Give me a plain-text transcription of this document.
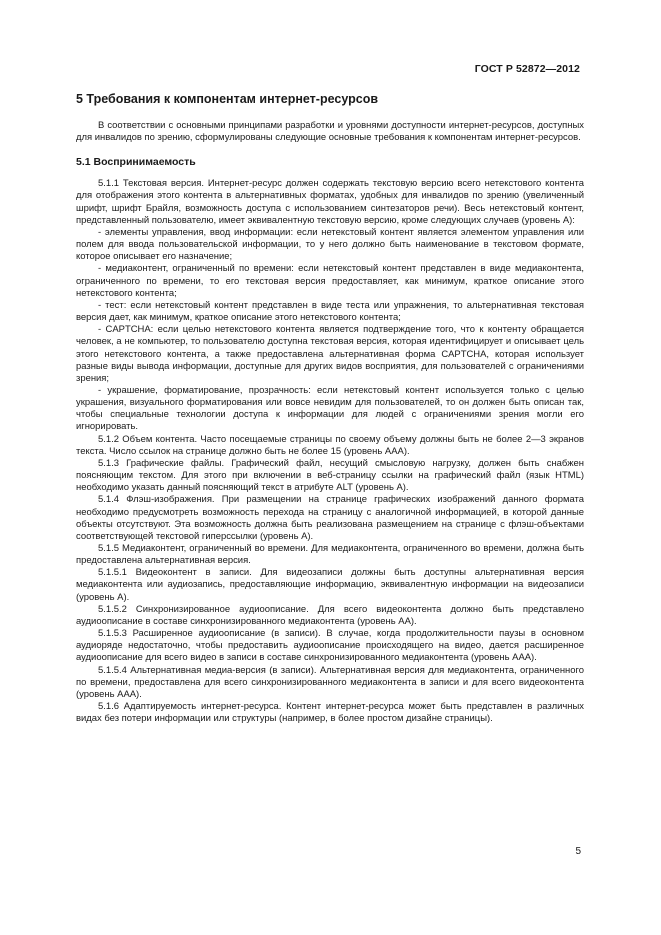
ГОСТ Р 52872—2012
5 Требования к компонентам интернет-ресурсов

В соответствии с основными принципами разработки и уровнями доступности интернет-ресурсов, доступных для инвалидов по зрению, сформулированы следующие основные требования к компонентам интернет-ресурсов.

5.1 Воспринимаемость

5.1.1 Текстовая версия. Интернет-ресурс должен содержать текстовую версию всего нетекстового контента для отображения этого контента в альтернативных форматах, удобных для инвалидов по зрению (увеличенный шрифт, шрифт Брайля, возможность доступа с использованием синтезаторов речи). Весь нетекстовый контент, представленный пользователю, имеет эквивалентную текстовую версию, кроме следующих случаев (уровень А):

- элементы управления, ввод информации: если нетекстовый контент является элементом управления или полем для ввода пользовательской информации, то у него должно быть наименование в текстовом формате, которое описывает его назначение;

- медиаконтент, ограниченный по времени: если нетекстовый контент представлен в виде медиаконтента, ограниченного по времени, то его текстовая версия предоставляет, как минимум, краткое описание этого нетекстового контента;

- тест: если нетекстовый контент представлен в виде теста или упражнения, то альтернативная текстовая версия дает, как минимум, краткое описание этого нетекстового контента;

- CAPTCHA: если целью нетекстового контента является подтверждение того, что к контенту обращается человек, а не компьютер, то пользователю доступна текстовая версия, которая идентифицирует и описывает цель этого нетекстового контента, а также предоставлена альтернативная форма CAPTCHA, которая использует разные виды вывода информации, доступные для других видов восприятия, для пользователей с ограничениями зрения;

- украшение, форматирование, прозрачность: если нетекстовый контент используется только с целью украшения, визуального форматирования или вовсе невидим для пользователей, то он должен быть описан так, чтобы специальные технологии доступа к информации для людей с ограничениями зрения могли его игнорировать.

5.1.2 Объем контента. Часто посещаемые страницы по своему объему должны быть не более 2—3 экранов текста. Число ссылок на странице должно быть не более 15 (уровень ААА).

5.1.3 Графические файлы. Графический файл, несущий смысловую нагрузку, должен быть снабжен поясняющим текстом. Для этого при включении в веб-страницу ссылки на графический файл (язык HTML) необходимо указать данный поясняющий текст в атрибуте ALT (уровень А).

5.1.4 Флэш-изображения. При размещении на странице графических изображений данного формата необходимо предусмотреть возможность перехода на страницу с аналогичной информацией, в которой данные объекты отсутствуют. Эта возможность должна быть реализована размещением на странице с флэш-объектами соответствующей текстовой гиперссылки (уровень А).

5.1.5 Медиаконтент, ограниченный во времени. Для медиаконтента, ограниченного во времени, должна быть предоставлена альтернативная версия.

5.1.5.1 Видеоконтент в записи. Для видеозаписи должны быть доступны альтернативная версия медиаконтента или аудиозапись, предоставляющие информацию, эквивалентную информации на видеозаписи (уровень А).

5.1.5.2 Синхронизированное аудиоописание. Для всего видеоконтента должно быть представлено аудиоописание в составе синхронизированного медиаконтента (уровень АА).

5.1.5.3 Расширенное аудиоописание (в записи). В случае, когда продолжительности паузы в основном аудиоряде недостаточно, чтобы предоставить аудиоописание происходящего на видео, дается расширенное аудиоописание для всего видео в записи в составе синхронизированного медиаконтента (уровень ААА).

5.1.5.4 Альтернативная медиа-версия (в записи). Альтернативная версия для медиаконтента, ограниченного по времени, предоставлена для всего синхронизированного медиаконтента в записи и для всего видеоконтента (уровень ААА).

5.1.6 Адаптируемость интернет-ресурса. Контент интернет-ресурса может быть представлен в различных видах без потери информации или структуры (например, в более простом дизайне страницы).

5
